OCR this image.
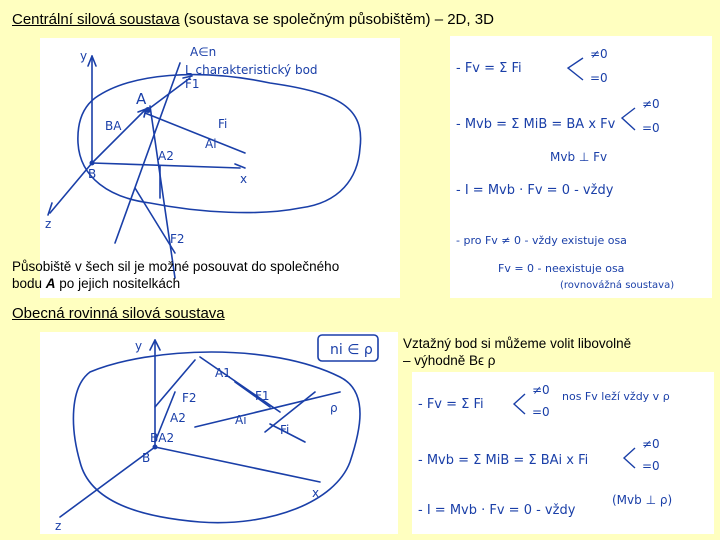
Centrální silová soustava (soustava se společným působištěm) – 2D, 3D
A∈n
L charakteristický bod
A
Ai
B
y
x
z
BA
A2
F2
Fi
F1
Působiště v šech sil je možné posouvat do společného
bodu A po jejich nositelkách
- Fv = Σ Fi
≠0
=0
- Mvb = Σ MiB = BA x Fv
≠0
=0
Mvb ⊥ Fv
- I = Mvb · Fv = 0 - vždy
- pro Fv ≠ 0 - vždy existuje osa
Fv = 0 - neexistuje osa
(rovnovážná soustava)
Obecná rovinná silová soustava
ni ∈ ρ
y
x
z
ρ
A1
A2	Ai
F1
F2
Fi
B
BA2
Vztažný bod si můžeme volit libovolně
– výhodně Bϵ ρ
- Fv = Σ Fi
nos Fv leží vždy v ρ
≠0
=0
- Mvb = Σ MiB = Σ BAi x Fi
≠0
=0
- I = Mvb · Fv = 0 - vždy
(Mvb ⊥ ρ)
